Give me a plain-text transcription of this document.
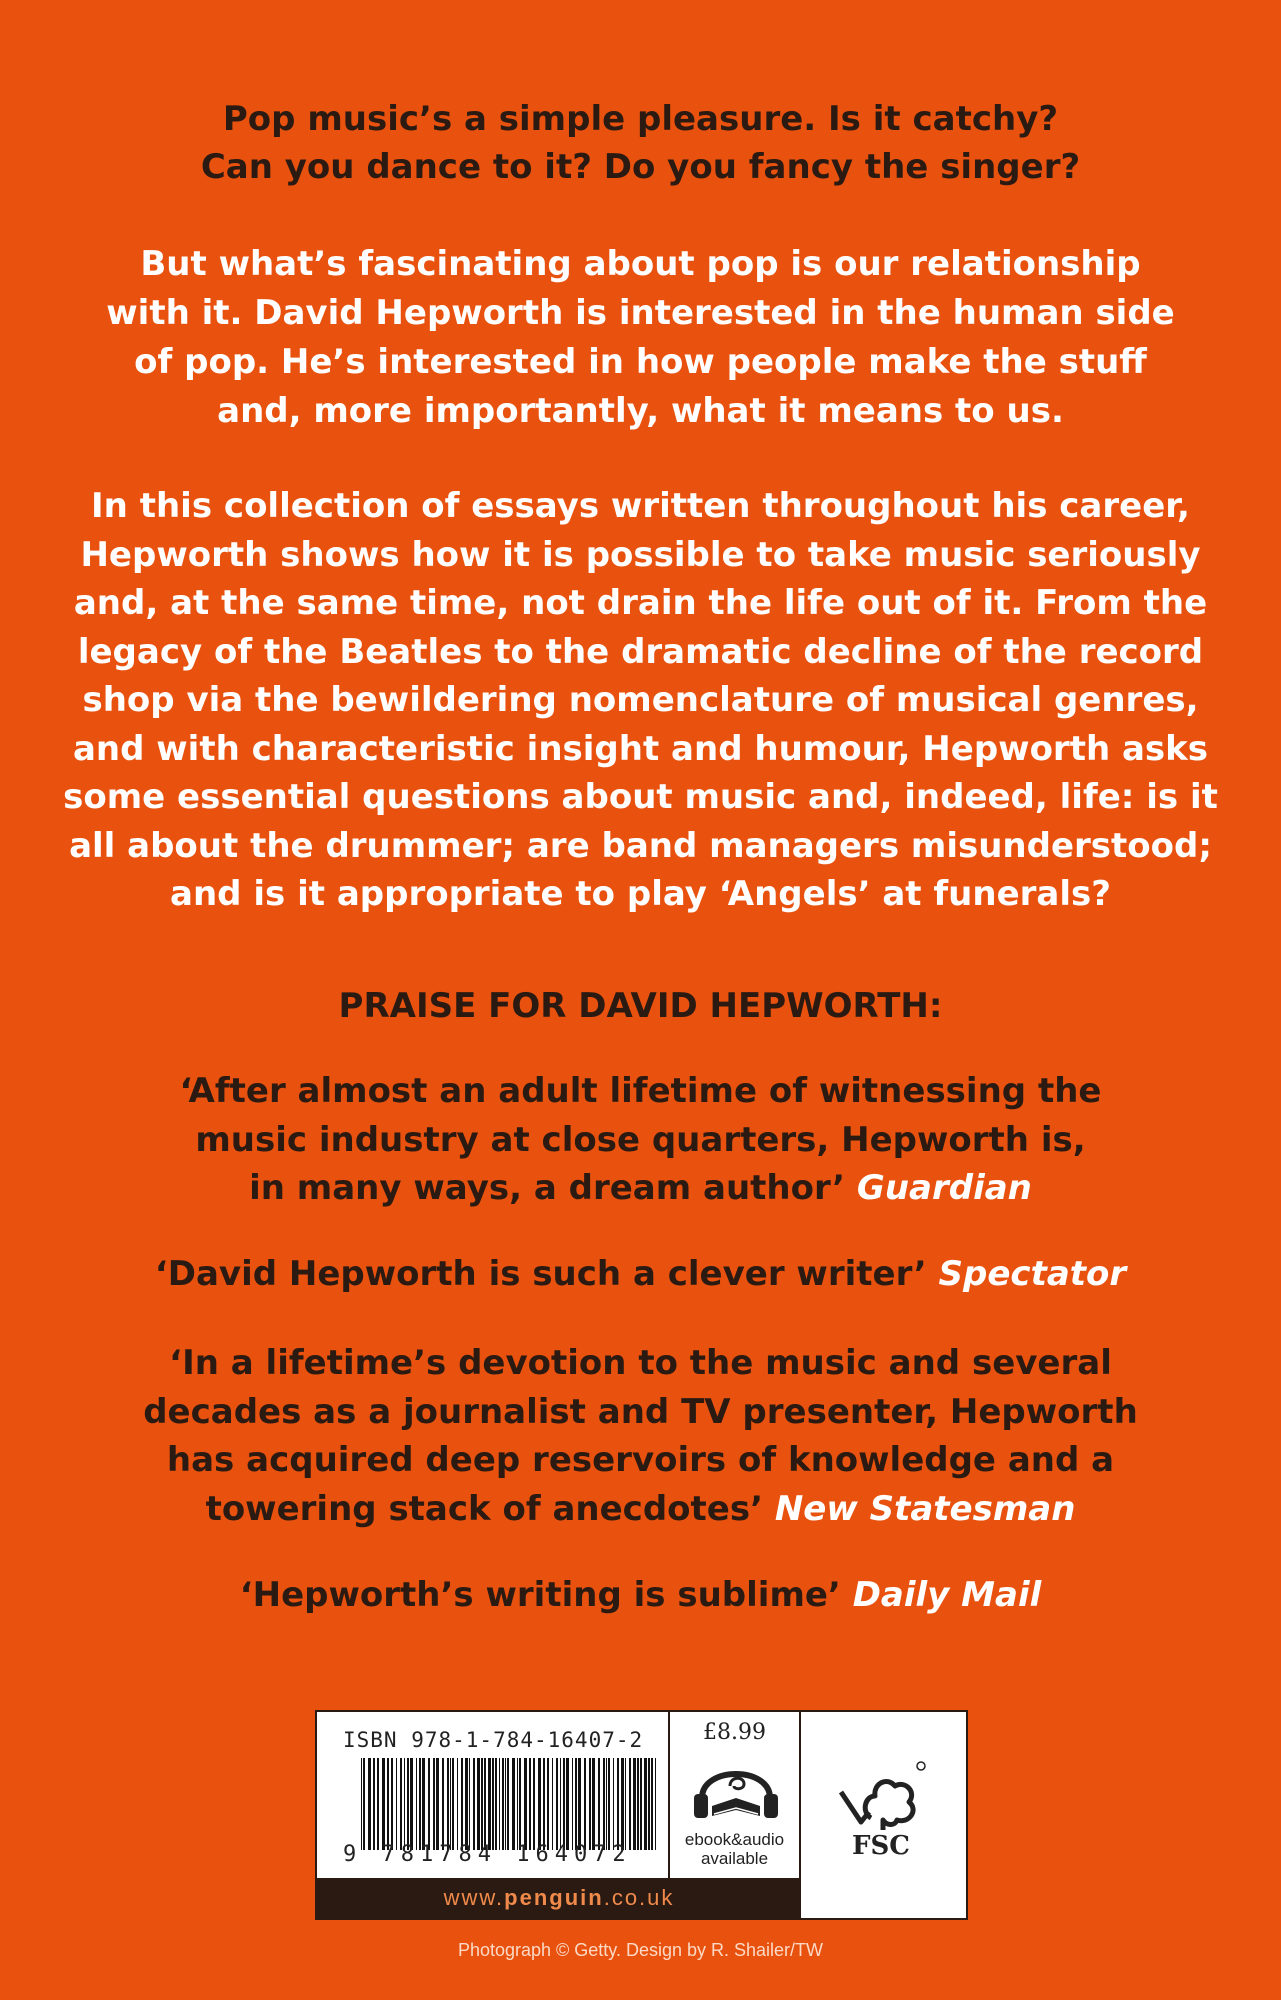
Pop music’s a simple pleasure. Is it catchy?
Can you dance to it? Do you fancy the singer?
But what’s fascinating about pop is our relationship
with it. David Hepworth is interested in the human side
of pop. He’s interested in how people make the stuff
and, more importantly, what it means to us.
In this collection of essays written throughout his career,
Hepworth shows how it is possible to take music seriously
and, at the same time, not drain the life out of it. From the
legacy of the Beatles to the dramatic decline of the record
shop via the bewildering nomenclature of musical genres,
and with characteristic insight and humour, Hepworth asks
some essential questions about music and, indeed, life: is it
all about the drummer; are band managers misunderstood;
and is it appropriate to play ‘Angels’ at funerals?
PRAISE FOR DAVID HEPWORTH:
‘After almost an adult lifetime of witnessing the
music industry at close quarters, Hepworth is,
in many ways, a dream author’ Guardian
‘David Hepworth is such a clever writer’ Spectator
‘In a lifetime’s devotion to the music and several
decades as a journalist and TV presenter, Hepworth
has acquired deep reservoirs of knowledge and a
towering stack of anecdotes’ New Statesman
‘Hepworth’s writing is sublime’ Daily Mail
ISBN 978-1-784-16407-2
9 781784 164072
£8.99
ebook&audio
available	FSC
www.penguin.co.uk
Photograph © Getty. Design by R. Shailer/TW
